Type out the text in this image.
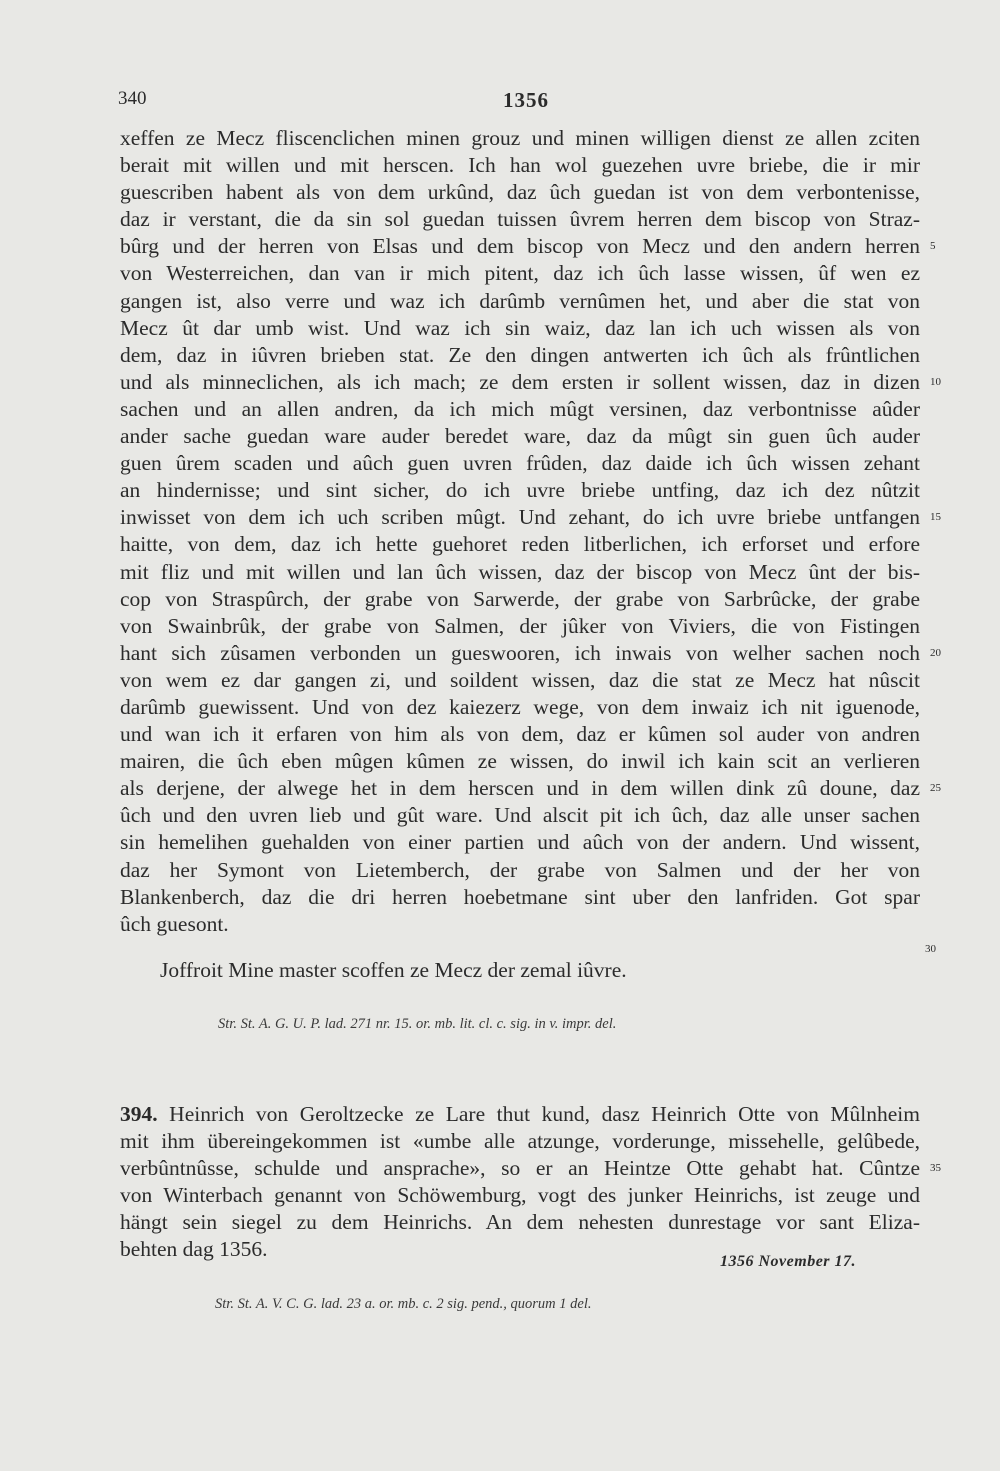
340	1356
xeffen ze Mecz fliscenclichen minen grouz und minen willigen dienst ze allen zciten
berait mit willen und mit herscen. Ich han wol guezehen uvre briebe, die ir mir
guescriben habent als von dem urkûnd, daz ûch guedan ist von dem verbontenisse,
daz ir verstant, die da sin sol guedan tuissen ûvrem herren dem biscop von Straz-
bûrg und der herren von Elsas und dem biscop von Mecz und den andern herren 5
von Westerreichen, dan van ir mich pitent, daz ich ûch lasse wissen, ûf wen ez
gangen ist, also verre und waz ich darûmb vernûmen het, und aber die stat von
Mecz ût dar umb wist. Und waz ich sin waiz, daz lan ich uch wissen als von
dem, daz in iûvren brieben stat. Ze den dingen antwerten ich ûch als frûntlichen
und als minneclichen, als ich mach; ze dem ersten ir sollent wissen, daz in dizen 10
sachen und an allen andren, da ich mich mûgt versinen, daz verbontnisse aûder
ander sache guedan ware auder beredet ware, daz da mûgt sin guen ûch auder
guen ûrem scaden und aûch guen uvren frûden, daz daide ich ûch wissen zehant
an hindernisse; und sint sicher, do ich uvre briebe untfing, daz ich dez nûtzit
inwisset von dem ich uch scriben mûgt. Und zehant, do ich uvre briebe untfangen 15
haitte, von dem, daz ich hette guehoret reden litberlichen, ich erforset und erfore
mit fliz und mit willen und lan ûch wissen, daz der biscop von Mecz ûnt der bis-
cop von Straspûrch, der grabe von Sarwerde, der grabe von Sarbrûcke, der grabe
von Swainbrûk, der grabe von Salmen, der jûker von Viviers, die von Fistingen
hant sich zûsamen verbonden un gueswooren, ich inwais von welher sachen noch 20
von wem ez dar gangen zi, und soildent wissen, daz die stat ze Mecz hat nûscit
darûmb guewissent. Und von dez kaiezerz wege, von dem inwaiz ich nit iguenode,
und wan ich it erfaren von him als von dem, daz er kûmen sol auder von andren
mairen, die ûch eben mûgen kûmen ze wissen, do inwil ich kain scit an verlieren
als derjene, der alwege het in dem herscen und in dem willen dink zû doune, daz 25
ûch und den uvren lieb und gût ware. Und alscit pit ich ûch, daz alle unser sachen
sin hemelihen guehalden von einer partien und aûch von der andern. Und wissent,
daz her Symont von Lietemberch, der grabe von Salmen und der her von
Blankenberch, daz die dri herren hoebetmane sint uber den lanfriden. Got spar
ûch guesont.
30
Joffroit Mine master scoffen ze Mecz der zemal iûvre.
Str. St. A. G. U. P. lad. 271 nr. 15. or. mb. lit. cl. c. sig. in v. impr. del.
394. Heinrich von Geroltzecke ze Lare thut kund, dasz Heinrich Otte von Mûlnheim
mit ihm übereingekommen ist «umbe alle atzunge, vorderunge, missehelle, gelûbede,
verbûntnûsse, schulde und ansprache», so er an Heintze Otte gehabt hat. Cûntze 35
von Winterbach genannt von Schöwemburg, vogt des junker Heinrichs, ist zeuge und
hängt sein siegel zu dem Heinrichs. An dem nehesten dunrestage vor sant Eliza-
behten dag 1356.
1356 November 17.
Str. St. A. V. C. G. lad. 23 a. or. mb. c. 2 sig. pend., quorum 1 del.
